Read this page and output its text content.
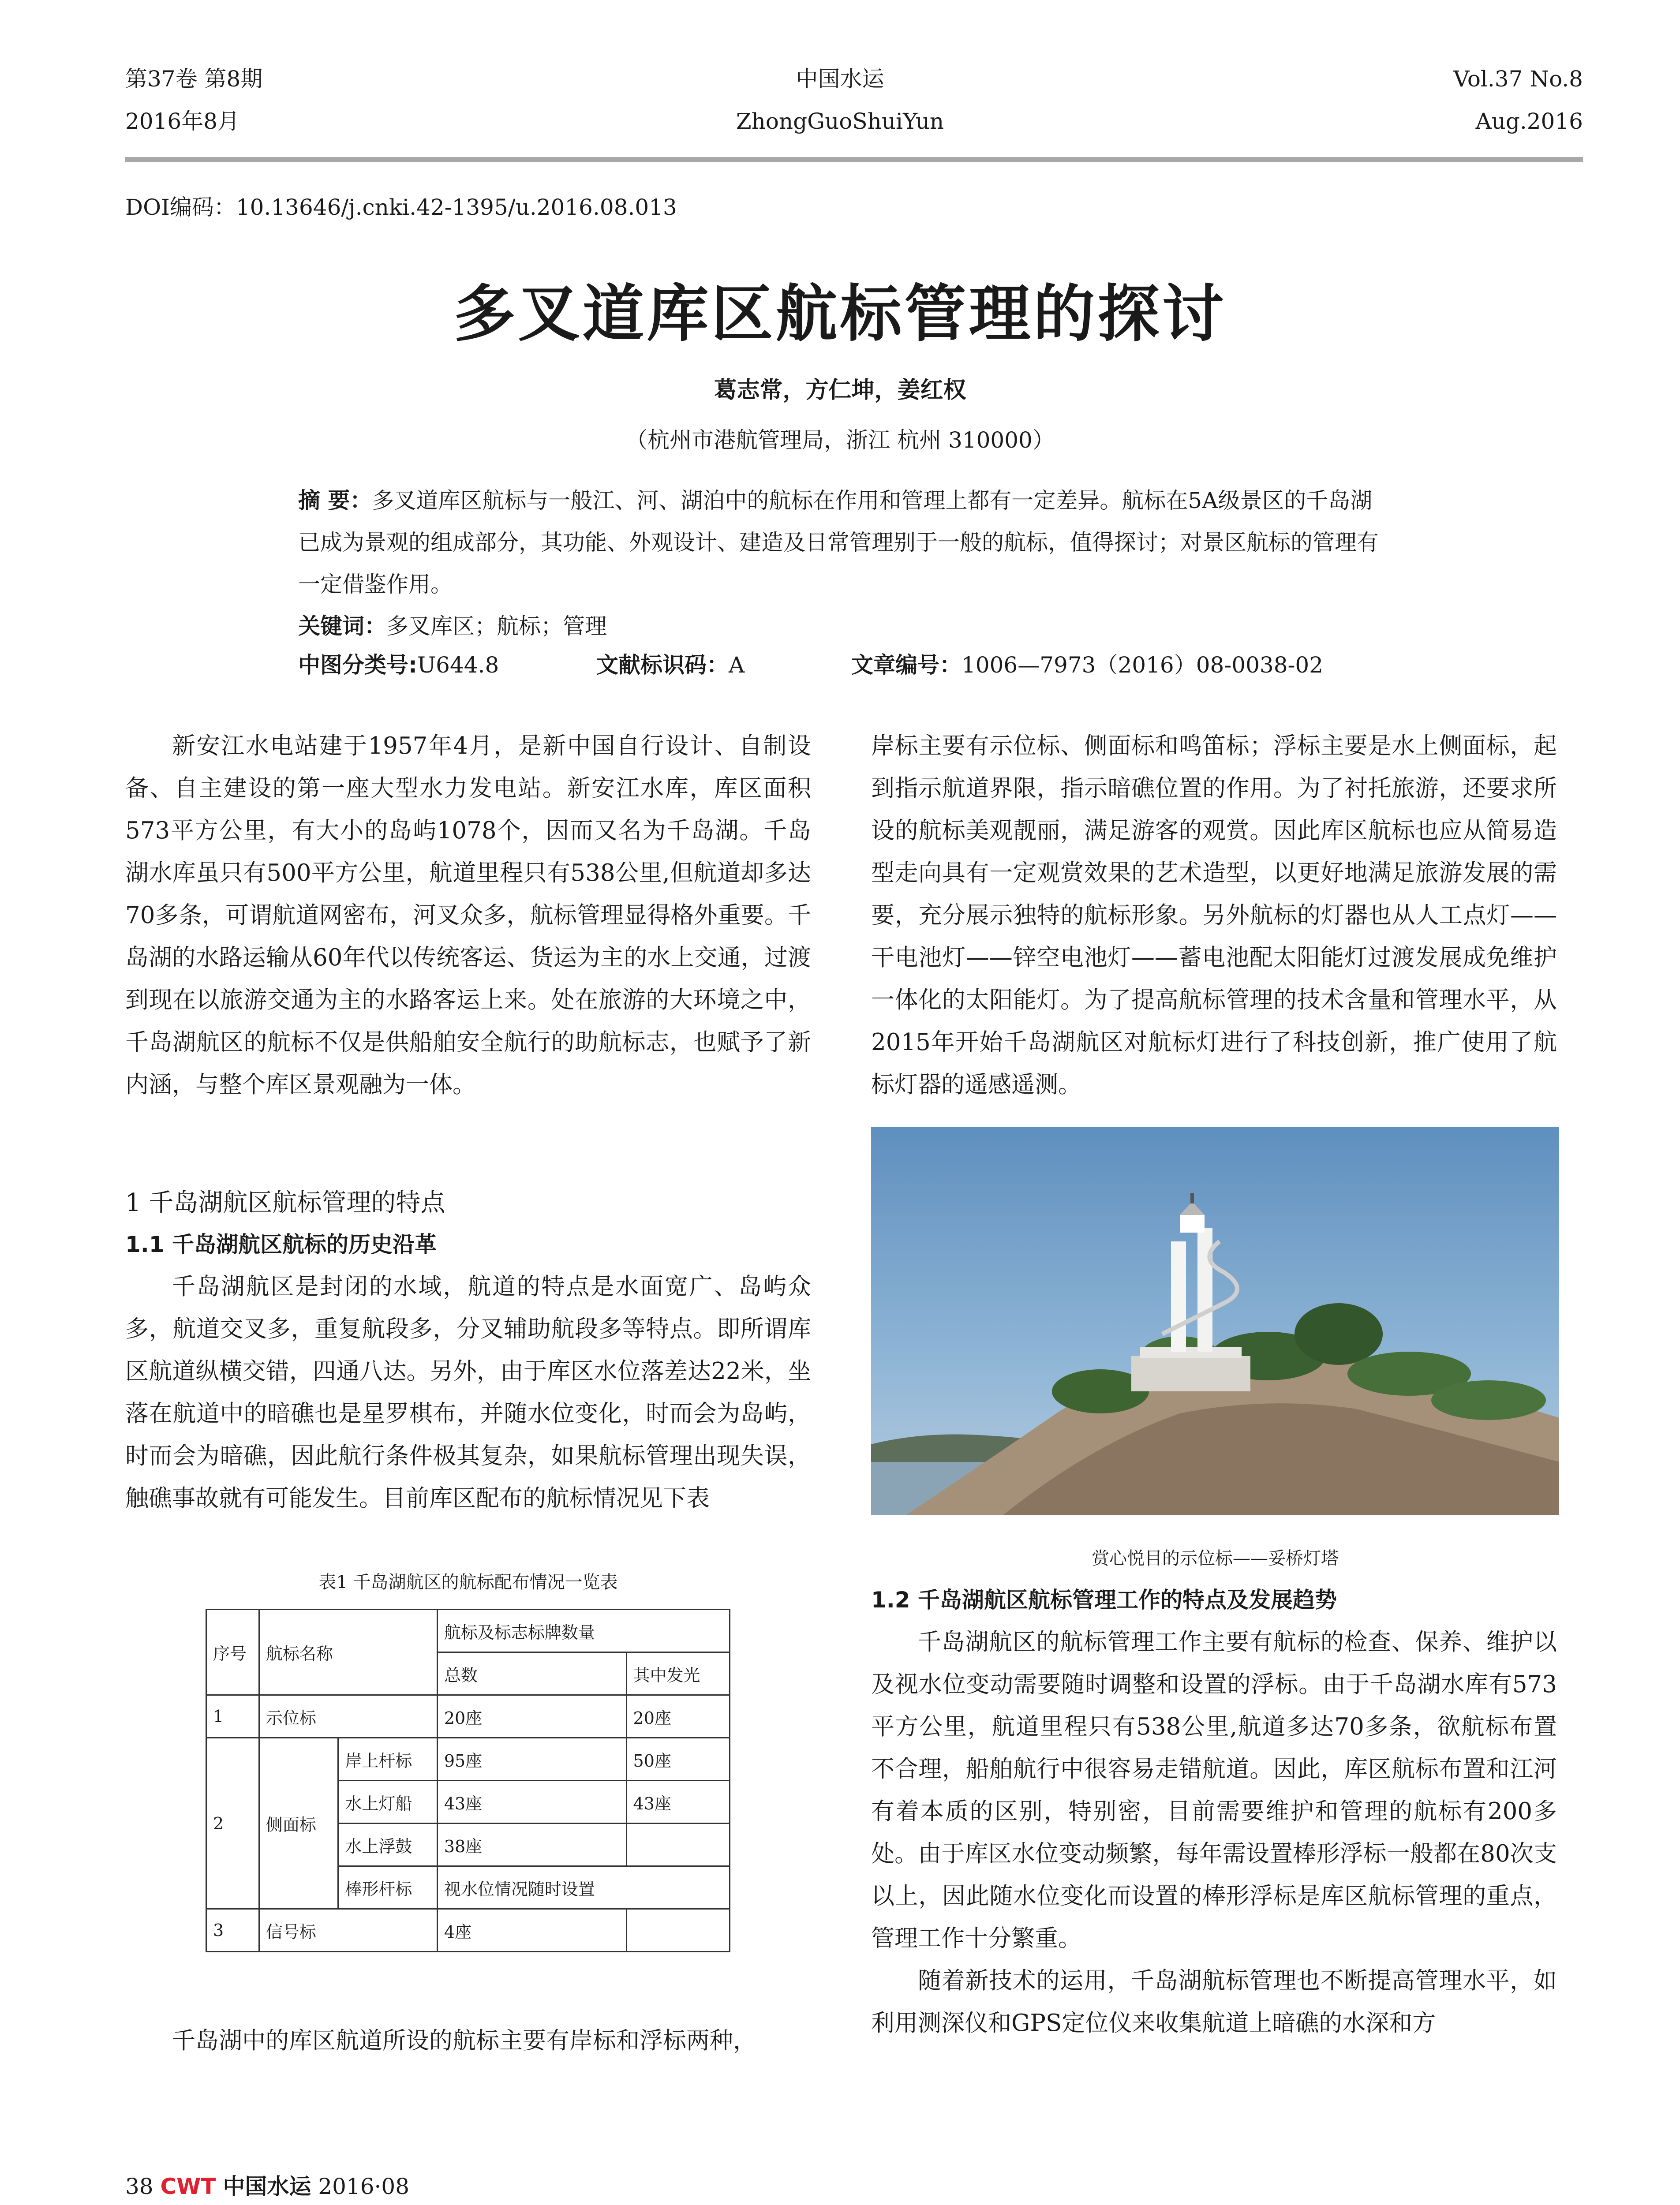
第37卷 第8期
2016年8月
中国水运
ZhongGuoShuiYun
Vol.37 No.8
Aug.2016
DOI编码：10.13646/j.cnki.42-1395/u.2016.08.013
多叉道库区航标管理的探讨
葛志常，方仁坤，姜红权
（杭州市港航管理局，浙江 杭州 310000）
摘 要：多叉道库区航标与一般江、河、湖泊中的航标在作用和管理上都有一定差异。航标在5A级景区的千岛湖已成为景观的组成部分，其功能、外观设计、建造及日常管理别于一般的航标，值得探讨；对景区航标的管理有一定借鉴作用。
关键词：多叉库区；航标；管理
中图分类号:U644.8	文献标识码：A	文章编号：1006—7973（2016）08-0038-02

新安江水电站建于1957年4月，是新中国自行设计、自制设备、自主建设的第一座大型水力发电站。新安江水库，库区面积573平方公里，有大小的岛屿1078个，因而又名为千岛湖。千岛湖水库虽只有500平方公里，航道里程只有538公里,但航道却多达70多条，可谓航道网密布，河叉众多，航标管理显得格外重要。千岛湖的水路运输从60年代以传统客运、货运为主的水上交通，过渡到现在以旅游交通为主的水路客运上来。处在旅游的大环境之中，千岛湖航区的航标不仅是供船舶安全航行的助航标志，也赋予了新内涵，与整个库区景观融为一体。

1 千岛湖航区航标管理的特点
1.1 千岛湖航区航标的历史沿革

千岛湖航区是封闭的水域，航道的特点是水面宽广、岛屿众多，航道交叉多，重复航段多，分叉辅助航段多等特点。即所谓库区航道纵横交错，四通八达。另外，由于库区水位落差达22米，坐落在航道中的暗礁也是星罗棋布，并随水位变化，时而会为岛屿，时而会为暗礁，因此航行条件极其复杂，如果航标管理出现失误，触礁事故就有可能发生。目前库区配布的航标情况见下表

表1 千岛湖航区的航标配布情况一览表
序号	航标名称		航标及标志标牌数量	
			总数	其中发光
1	示位标		20座	20座
2	侧面标	岸上杆标	95座	50座
		水上灯船	43座	43座
		水上浮鼓	38座	
		棒形杆标	视水位情况随时设置	
3	信号标		4座	

千岛湖中的库区航道所设的航标主要有岸标和浮标两种，

岸标主要有示位标、侧面标和鸣笛标；浮标主要是水上侧面标，起到指示航道界限，指示暗礁位置的作用。为了衬托旅游，还要求所设的航标美观靓丽，满足游客的观赏。因此库区航标也应从简易造型走向具有一定观赏效果的艺术造型，以更好地满足旅游发展的需要，充分展示独特的航标形象。另外航标的灯器也从人工点灯——干电池灯——锌空电池灯——蓄电池配太阳能灯过渡发展成免维护一体化的太阳能灯。为了提高航标管理的技术含量和管理水平，从2015年开始千岛湖航区对航标灯进行了科技创新，推广使用了航标灯器的遥感遥测。

赏心悦目的示位标——妥桥灯塔
1.2 千岛湖航区航标管理工作的特点及发展趋势

千岛湖航区的航标管理工作主要有航标的检查、保养、维护以及视水位变动需要随时调整和设置的浮标。由于千岛湖水库有573平方公里，航道里程只有538公里,航道多达70多条，欲航标布置不合理，船舶航行中很容易走错航道。因此，库区航标布置和江河有着本质的区别，特别密，目前需要维护和管理的航标有200多处。由于库区水位变动频繁，每年需设置棒形浮标一般都在80次支以上，因此随水位变化而设置的棒形浮标是库区航标管理的重点，管理工作十分繁重。

随着新技术的运用，千岛湖航标管理也不断提高管理水平，如利用测深仪和GPS定位仪来收集航道上暗礁的水深和方

38 CWT 中国水运 2016·08
